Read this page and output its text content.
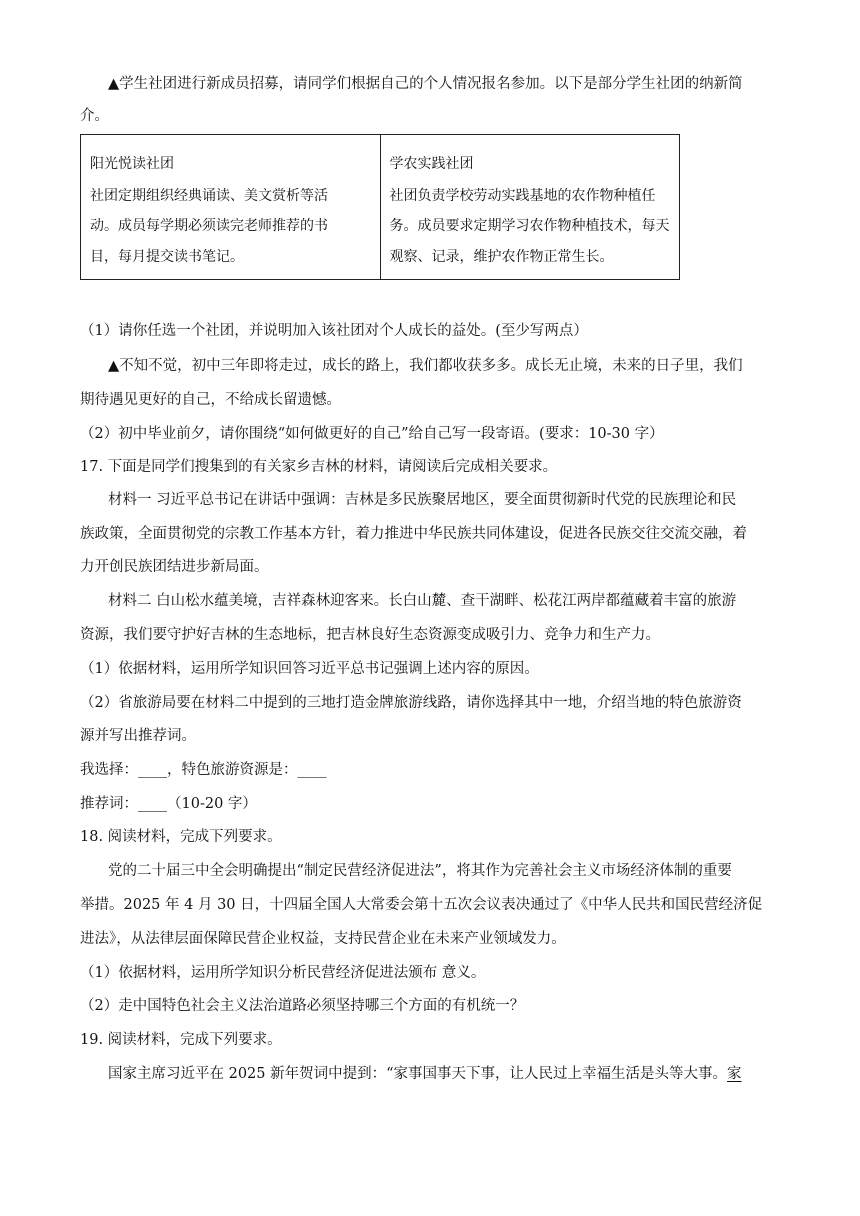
▲学生社团进行新成员招募，请同学们根据自己的个人情况报名参加。以下是部分学生社团的纳新简
介。
阳光悦读社团
社团定期组织经典诵读、美文赏析等活
动。成员每学期必须读完老师推荐的书
目，每月提交读书笔记。

学农实践社团
社团负责学校劳动实践基地的农作物种植任
务。成员要求定期学习农作物种植技术，每天
观察、记录，维护农作物正常生长。
（1）请你任选一个社团，并说明加入该社团对个人成长的益处。(至少写两点）
▲不知不觉，初中三年即将走过，成长的路上，我们都收获多多。成长无止境，未来的日子里，我们
期待遇见更好的自己，不给成长留遗憾。
（2）初中毕业前夕，请你围绕“如何做更好的自己”给自己写一段寄语。(要求：10-30 字）
17. 下面是同学们搜集到的有关家乡吉林的材料，请阅读后完成相关要求。
材料一 习近平总书记在讲话中强调：吉林是多民族聚居地区，要全面贯彻新时代党的民族理论和民
族政策，全面贯彻党的宗教工作基本方针，着力推进中华民族共同体建设，促进各民族交往交流交融，着
力开创民族团结进步新局面。
材料二 白山松水蕴美境，吉祥森林迎客来。长白山麓、查干湖畔、松花江两岸都蕴藏着丰富的旅游
资源，我们要守护好吉林的生态地标，把吉林良好生态资源变成吸引力、竞争力和生产力。
（1）依据材料，运用所学知识回答习近平总书记强调上述内容的原因。
（2）省旅游局要在材料二中提到的三地打造金牌旅游线路，请你选择其中一地，介绍当地的特色旅游资
源并写出推荐词。
我选择：____，特色旅游资源是：____
推荐词：____（10-20 字）
18. 阅读材料，完成下列要求。
党的二十届三中全会明确提出“制定民营经济促进法”，将其作为完善社会主义市场经济体制的重要
举措。2025 年 4 月 30 日，十四届全国人大常委会第十五次会议表决通过了《中华人民共和国民营经济促
进法》，从法律层面保障民营企业权益，支持民营企业在未来产业领域发力。
（1）依据材料，运用所学知识分析民营经济促进法颁布 意义。
（2）走中国特色社会主义法治道路必须坚持哪三个方面的有机统一？
19. 阅读材料，完成下列要求。
国家主席习近平在 2025 新年贺词中提到：“家事国事天下事，让人民过上幸福生活是头等大事。家
